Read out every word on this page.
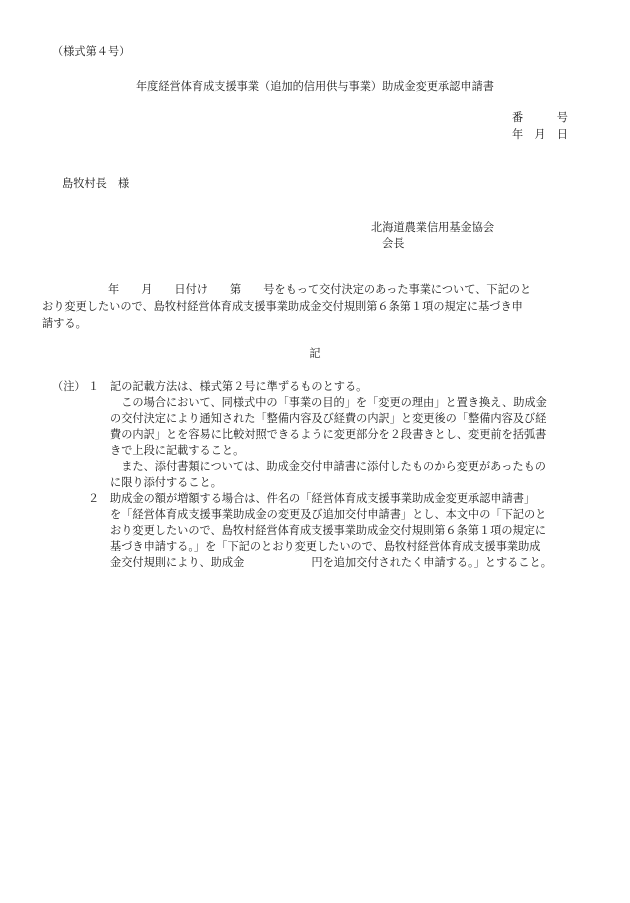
（様式第４号）
年度経営体育成支援事業（追加的信用供与事業）助成金変更承認申請書
番　　　号
年　月　日
島牧村長　様
北海道農業信用基金協会
会長
年 月 日付け 第 号をもって交付決定のあった事業について、下記のと
おり変更したいので、島牧村経営体育成支援事業助成金交付規則第６条第１項の規定に基づき申
請する。
記
（注） １ 記の記載方法は、様式第２号に準ずるものとする。
　この場合において、同様式中の「事業の目的」を「変更の理由」と置き換え、助成金
の交付決定により通知された「整備内容及び経費の内訳」と変更後の「整備内容及び経
費の内訳」とを容易に比較対照できるように変更部分を２段書きとし、変更前を括弧書
きで上段に記載すること。
　また、添付書類については、助成金交付申請書に添付したものから変更があったもの
に限り添付すること。
２ 助成金の額が増額する場合は、件名の「経営体育成支援事業助成金変更承認申請書」
を「経営体育成支援事業助成金の変更及び追加交付申請書」とし、本文中の「下記のと
おり変更したいので、島牧村経営体育成支援事業助成金交付規則第６条第１項の規定に
基づき申請する。」を「下記のとおり変更したいので、島牧村経営体育成支援事業助成
金交付規則により、助成金　　　　　　円を追加交付されたく申請する。」とすること。
